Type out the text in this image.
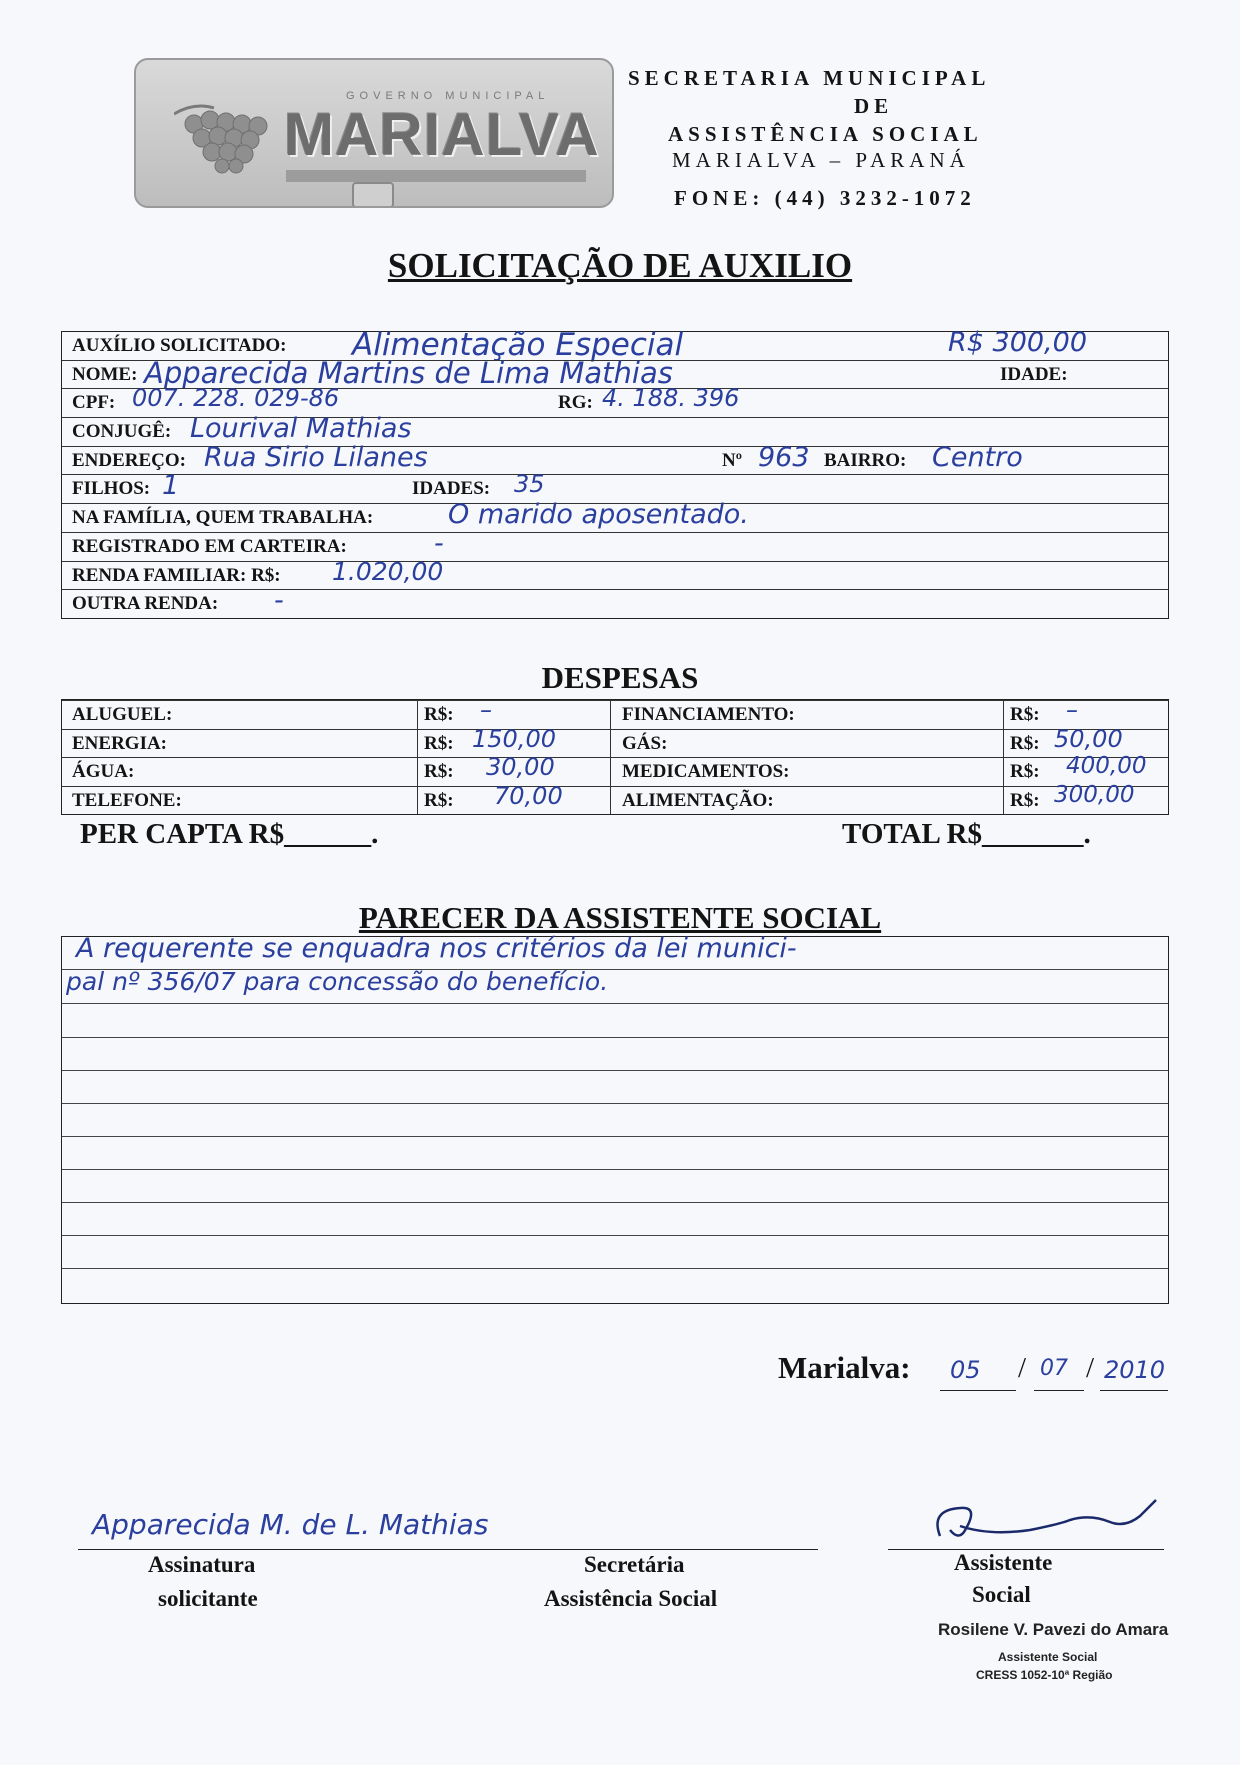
GOVERNO MUNICIPAL
MARIALVA
SECRETARIA MUNICIPAL
DE
ASSISTÊNCIA SOCIAL
MARIALVA – PARANÁ
FONE: (44) 3232-1072
SOLICITAÇÃO DE AUXILIO
AUXÍLIO SOLICITADO: Alimentação Especial	R$ 300,00
NOME: Apparecida Martins de Lima Mathias	IDADE:
CPF: 007. 228. 029-86	RG: 4. 188. 396
CONJUGÊ: Lourival Mathias
ENDEREÇO: Rua Sirio Lilanes	Nº 963 BAIRRO: Centro
FILHOS: 1	IDADES: 35
NA FAMÍLIA, QUEM TRABALHA:	O marido aposentado.
REGISTRADO EM CARTEIRA:	-
RENDA FAMILIAR: R$: 1.020,00
OUTRA RENDA: -
DESPESAS
ALUGUEL:	R$: –	FINANCIAMENTO:	R$: –
ENERGIA:	R$: 150,00	GÁS:	R$: 50,00
ÁGUA:	R$: 30,00	MEDICAMENTOS:	R$: 400,00
TELEFONE:	R$: 70,00	ALIMENTAÇÃO:	R$: 300,00
PER CAPTA R$______.	TOTAL R$_______.
PARECER DA ASSISTENTE SOCIAL
A requerente se enquadra nos critérios da lei munici-
pal nº 356/07 para concessão do benefício.
Marialva: 05 / 07 / 2010
Apparecida M. de L. Mathias
Assinatura
solicitante
Secretária
Assistência Social
Assistente
Social
Rosilene V. Pavezi do Amara
Assistente Social
CRESS 1052-10ª Região
